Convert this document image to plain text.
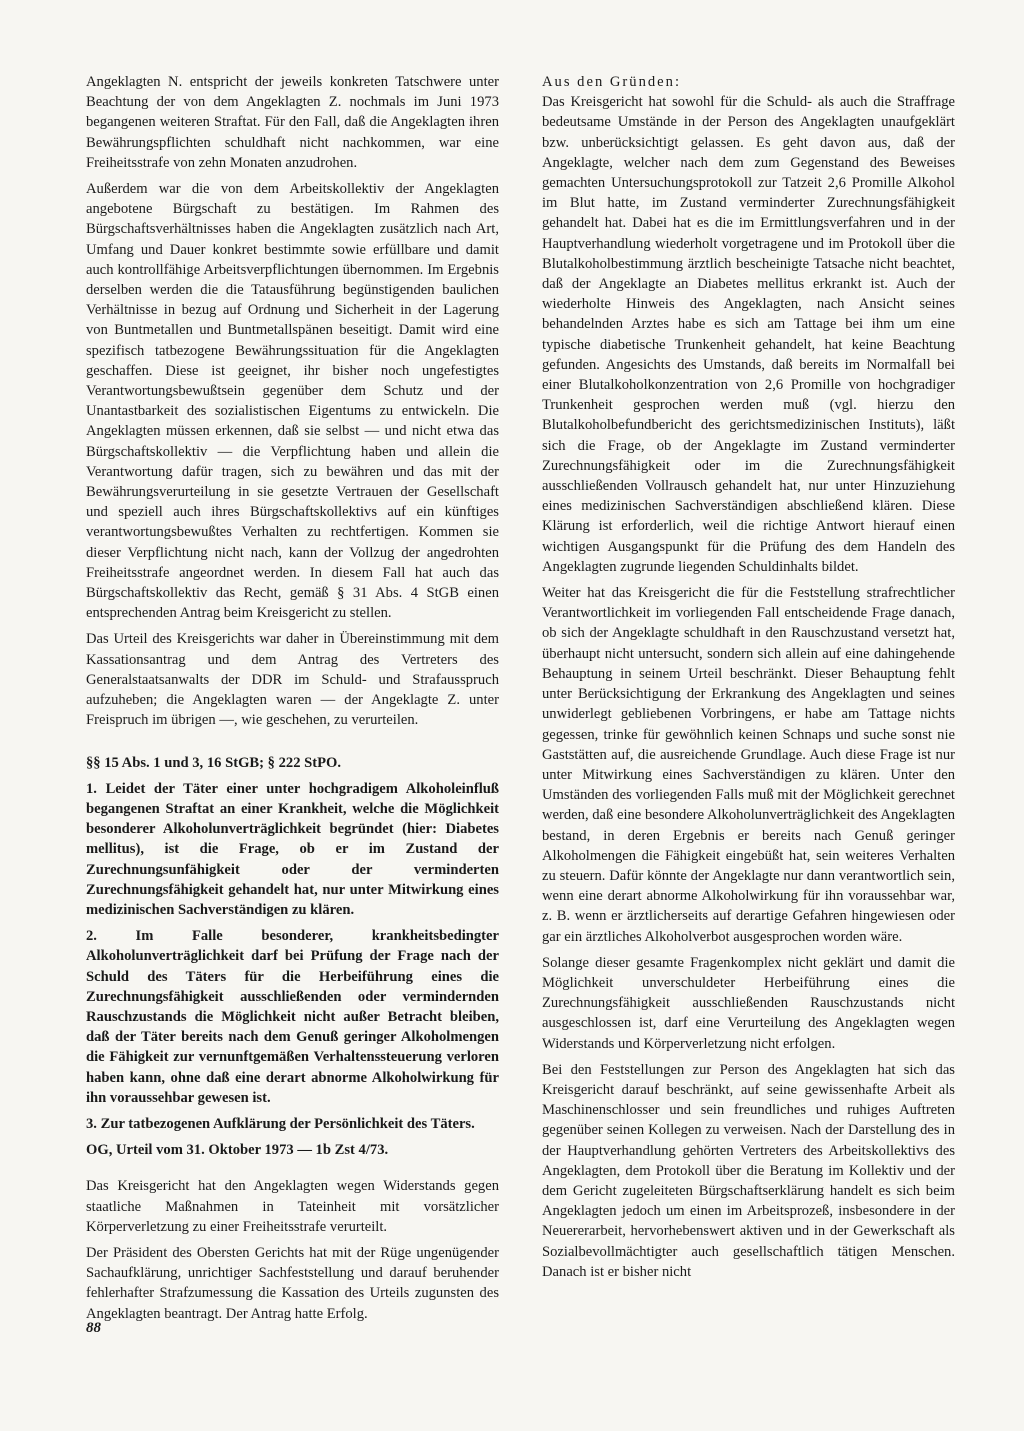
Angeklagten N. entspricht der jeweils konkreten Tatschwere unter Beachtung der von dem Angeklagten Z. nochmals im Juni 1973 begangenen weiteren Straftat. Für den Fall, daß die Angeklagten ihren Bewährungspflichten schuldhaft nicht nachkommen, war eine Freiheitsstrafe von zehn Monaten anzudrohen.

Außerdem war die von dem Arbeitskollektiv der Angeklagten angebotene Bürgschaft zu bestätigen. Im Rahmen des Bürgschaftsverhältnisses haben die Angeklagten zusätzlich nach Art, Umfang und Dauer konkret bestimmte sowie erfüllbare und damit auch kontrollfähige Arbeitsverpflichtungen übernommen. Im Ergebnis derselben werden die die Tatausführung begünstigenden baulichen Verhältnisse in bezug auf Ordnung und Sicherheit in der Lagerung von Buntmetallen und Buntmetallspänen beseitigt. Damit wird eine spezifisch tatbezogene Bewährungssituation für die Angeklagten geschaffen. Diese ist geeignet, ihr bisher noch ungefestigtes Verantwortungsbewußtsein gegenüber dem Schutz und der Unantastbarkeit des sozialistischen Eigentums zu entwickeln. Die Angeklagten müssen erkennen, daß sie selbst — und nicht etwa das Bürgschaftskollektiv — die Verpflichtung haben und allein die Verantwortung dafür tragen, sich zu bewähren und das mit der Bewährungsverurteilung in sie gesetzte Vertrauen der Gesellschaft und speziell auch ihres Bürgschaftskollektivs auf ein künftiges verantwortungsbewußtes Verhalten zu rechtfertigen. Kommen sie dieser Verpflichtung nicht nach, kann der Vollzug der angedrohten Freiheitsstrafe angeordnet werden. In diesem Fall hat auch das Bürgschaftskollektiv das Recht, gemäß § 31 Abs. 4 StGB einen entsprechenden Antrag beim Kreisgericht zu stellen.

Das Urteil des Kreisgerichts war daher in Übereinstimmung mit dem Kassationsantrag und dem Antrag des Vertreters des Generalstaatsanwalts der DDR im Schuld- und Strafausspruch aufzuheben; die Angeklagten waren — der Angeklagte Z. unter Freispruch im übrigen —, wie geschehen, zu verurteilen.

§§ 15 Abs. 1 und 3, 16 StGB; § 222 StPO.

1. Leidet der Täter einer unter hochgradigem Alkoholeinfluß begangenen Straftat an einer Krankheit, welche die Möglichkeit besonderer Alkoholunverträglichkeit begründet (hier: Diabetes mellitus), ist die Frage, ob er im Zustand der Zurechnungsunfähigkeit oder der verminderten Zurechnungsfähigkeit gehandelt hat, nur unter Mitwirkung eines medizinischen Sachverständigen zu klären.

2. Im Falle besonderer, krankheitsbedingter Alkoholunverträglichkeit darf bei Prüfung der Frage nach der Schuld des Täters für die Herbeiführung eines die Zurechnungsfähigkeit ausschließenden oder vermindernden Rauschzustands die Möglichkeit nicht außer Betracht bleiben, daß der Täter bereits nach dem Genuß geringer Alkoholmengen die Fähigkeit zur vernunftgemäßen Verhaltenssteuerung verloren haben kann, ohne daß eine derart abnorme Alkoholwirkung für ihn voraussehbar gewesen ist.

3. Zur tatbezogenen Aufklärung der Persönlichkeit des Täters.

OG, Urteil vom 31. Oktober 1973 — 1b Zst 4/73.

Das Kreisgericht hat den Angeklagten wegen Widerstands gegen staatliche Maßnahmen in Tateinheit mit vorsätzlicher Körperverletzung zu einer Freiheitsstrafe verurteilt.

Der Präsident des Obersten Gerichts hat mit der Rüge ungenügender Sachaufklärung, unrichtiger Sachfeststellung und darauf beruhender fehlerhafter Strafzumessung die Kassation des Urteils zugunsten des Angeklagten beantragt. Der Antrag hatte Erfolg.

Aus den Gründen:

Das Kreisgericht hat sowohl für die Schuld- als auch die Straffrage bedeutsame Umstände in der Person des Angeklagten unaufgeklärt bzw. unberücksichtigt gelassen. Es geht davon aus, daß der Angeklagte, welcher nach dem zum Gegenstand des Beweises gemachten Untersuchungsprotokoll zur Tatzeit 2,6 Promille Alkohol im Blut hatte, im Zustand verminderter Zurechnungsfähigkeit gehandelt hat. Dabei hat es die im Ermittlungsverfahren und in der Hauptverhandlung wiederholt vorgetragene und im Protokoll über die Blutalkoholbestimmung ärztlich bescheinigte Tatsache nicht beachtet, daß der Angeklagte an Diabetes mellitus erkrankt ist. Auch der wiederholte Hinweis des Angeklagten, nach Ansicht seines behandelnden Arztes habe es sich am Tattage bei ihm um eine typische diabetische Trunkenheit gehandelt, hat keine Beachtung gefunden. Angesichts des Umstands, daß bereits im Normalfall bei einer Blutalkoholkonzentration von 2,6 Promille von hochgradiger Trunkenheit gesprochen werden muß (vgl. hierzu den Blutalkoholbefundbericht des gerichtsmedizinischen Instituts), läßt sich die Frage, ob der Angeklagte im Zustand verminderter Zurechnungsfähigkeit oder im die Zurechnungsfähigkeit ausschließenden Vollrausch gehandelt hat, nur unter Hinzuziehung eines medizinischen Sachverständigen abschließend klären. Diese Klärung ist erforderlich, weil die richtige Antwort hierauf einen wichtigen Ausgangspunkt für die Prüfung des dem Handeln des Angeklagten zugrunde liegenden Schuldinhalts bildet.

Weiter hat das Kreisgericht die für die Feststellung strafrechtlicher Verantwortlichkeit im vorliegenden Fall entscheidende Frage danach, ob sich der Angeklagte schuldhaft in den Rauschzustand versetzt hat, überhaupt nicht untersucht, sondern sich allein auf eine dahingehende Behauptung in seinem Urteil beschränkt. Dieser Behauptung fehlt unter Berücksichtigung der Erkrankung des Angeklagten und seines unwiderlegt gebliebenen Vorbringens, er habe am Tattage nichts gegessen, trinke für gewöhnlich keinen Schnaps und suche sonst nie Gaststätten auf, die ausreichende Grundlage. Auch diese Frage ist nur unter Mitwirkung eines Sachverständigen zu klären. Unter den Umständen des vorliegenden Falls muß mit der Möglichkeit gerechnet werden, daß eine besondere Alkoholunverträglichkeit des Angeklagten bestand, in deren Ergebnis er bereits nach Genuß geringer Alkoholmengen die Fähigkeit eingebüßt hat, sein weiteres Verhalten zu steuern. Dafür könnte der Angeklagte nur dann verantwortlich sein, wenn eine derart abnorme Alkoholwirkung für ihn voraussehbar war, z. B. wenn er ärztlicherseits auf derartige Gefahren hingewiesen oder gar ein ärztliches Alkoholverbot ausgesprochen worden wäre.

Solange dieser gesamte Fragenkomplex nicht geklärt und damit die Möglichkeit unverschuldeter Herbeiführung eines die Zurechnungsfähigkeit ausschließenden Rauschzustands nicht ausgeschlossen ist, darf eine Verurteilung des Angeklagten wegen Widerstands und Körperverletzung nicht erfolgen.

Bei den Feststellungen zur Person des Angeklagten hat sich das Kreisgericht darauf beschränkt, auf seine gewissenhafte Arbeit als Maschinenschlosser und sein freundliches und ruhiges Auftreten gegenüber seinen Kollegen zu verweisen. Nach der Darstellung des in der Hauptverhandlung gehörten Vertreters des Arbeitskollektivs des Angeklagten, dem Protokoll über die Beratung im Kollektiv und der dem Gericht zugeleiteten Bürgschaftserklärung handelt es sich beim Angeklagten jedoch um einen im Arbeitsprozeß, insbesondere in der Neuererarbeit, hervorhebenswert aktiven und in der Gewerkschaft als Sozialbevollmächtigter auch gesellschaftlich tätigen Menschen. Danach ist er bisher nicht

88
